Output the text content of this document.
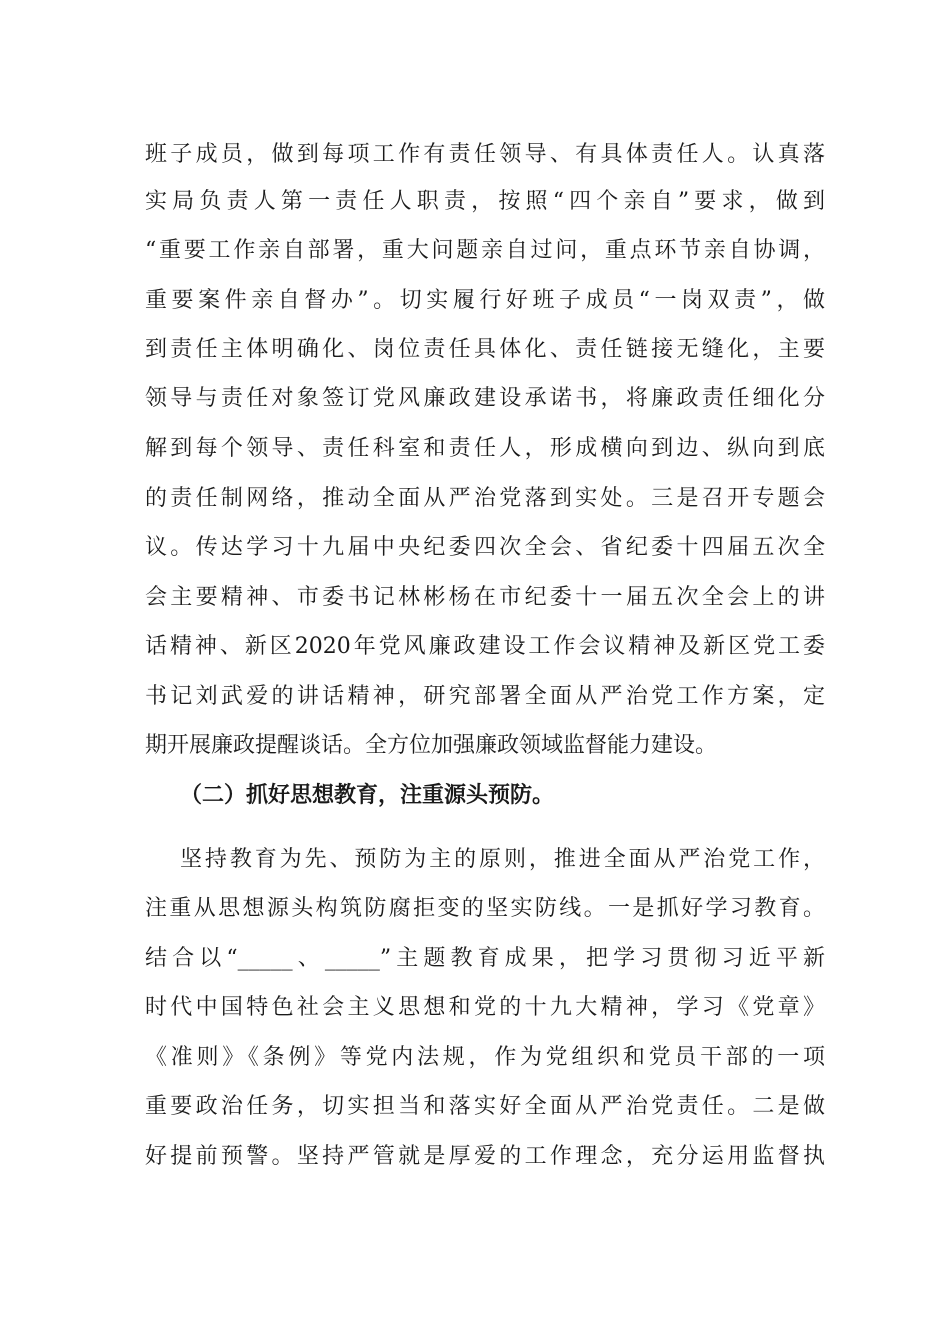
班子成员，做到每项工作有责任领导、有具体责任人。认真落
实局负责人第一责任人职责，按照“四个亲自”要求，做到
“重要工作亲自部署，重大问题亲自过问，重点环节亲自协调，
重要案件亲自督办”。切实履行好班子成员“一岗双责”，做
到责任主体明确化、岗位责任具体化、责任链接无缝化，主要
领导与责任对象签订党风廉政建设承诺书，将廉政责任细化分
解到每个领导、责任科室和责任人，形成横向到边、纵向到底
的责任制网络，推动全面从严治党落到实处。三是召开专题会
议。传达学习十九届中央纪委四次全会、省纪委十四届五次全
会主要精神、市委书记林彬杨在市纪委十一届五次全会上的讲
话精神、新区2020年党风廉政建设工作会议精神及新区党工委
书记刘武爱的讲话精神，研究部署全面从严治党工作方案，定
期开展廉政提醒谈话。全方位加强廉政领域监督能力建设。
（二）抓好思想教育，注重源头预防。
坚持教育为先、预防为主的原则，推进全面从严治党工作，
注重从思想源头构筑防腐拒变的坚实防线。一是抓好学习教育。
结合以“_____、_____”主题教育成果，把学习贯彻习近平新
时代中国特色社会主义思想和党的十九大精神，学习《党章》
《准则》《条例》等党内法规，作为党组织和党员干部的一项
重要政治任务，切实担当和落实好全面从严治党责任。二是做
好提前预警。坚持严管就是厚爱的工作理念，充分运用监督执
